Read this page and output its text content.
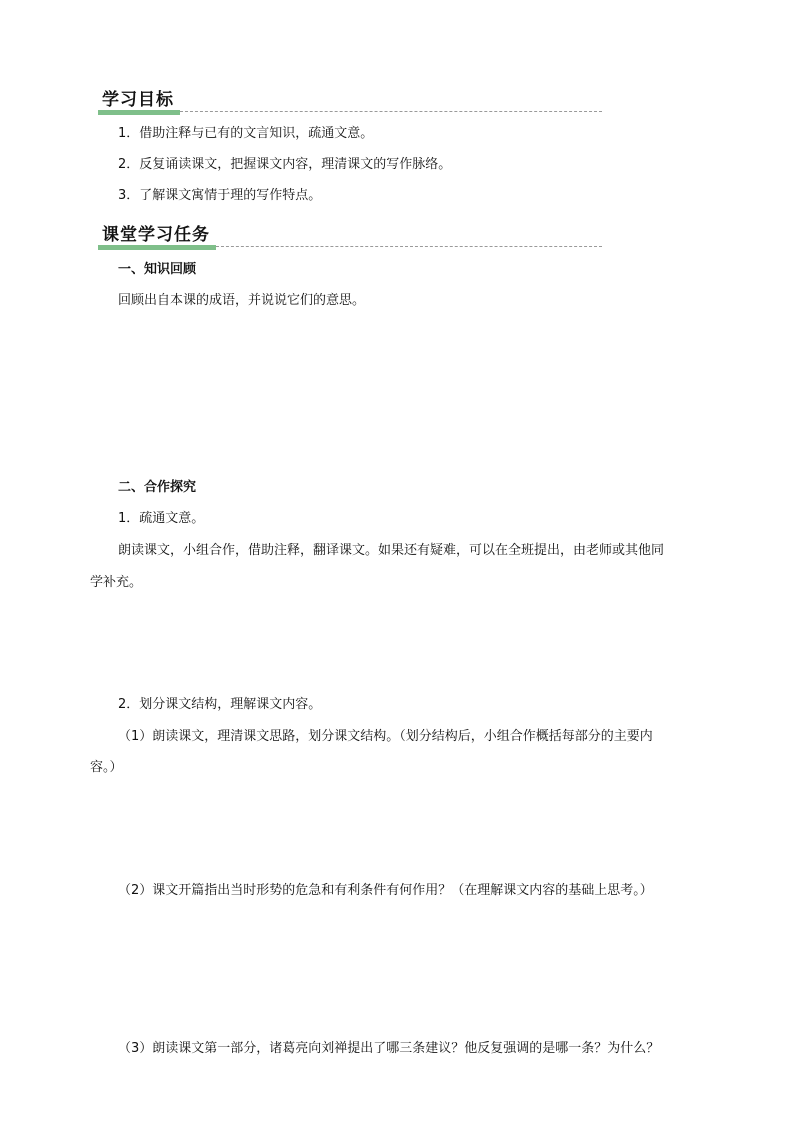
学习目标
1．借助注释与已有的文言知识，疏通文意。
2．反复诵读课文，把握课文内容，理清课文的写作脉络。
3．了解课文寓情于理的写作特点。
课堂学习任务
一、知识回顾
回顾出自本课的成语，并说说它们的意思。
二、合作探究
1．疏通文意。
朗读课文，小组合作，借助注释，翻译课文。如果还有疑难，可以在全班提出，由老师或其他同
学补充。
2．划分课文结构，理解课文内容。
（1）朗读课文，理清课文思路，划分课文结构。（划分结构后，小组合作概括每部分的主要内
容。）
（2）课文开篇指出当时形势的危急和有利条件有何作用？（在理解课文内容的基础上思考。）
（3）朗读课文第一部分，诸葛亮向刘禅提出了哪三条建议？他反复强调的是哪一条？为什么？
